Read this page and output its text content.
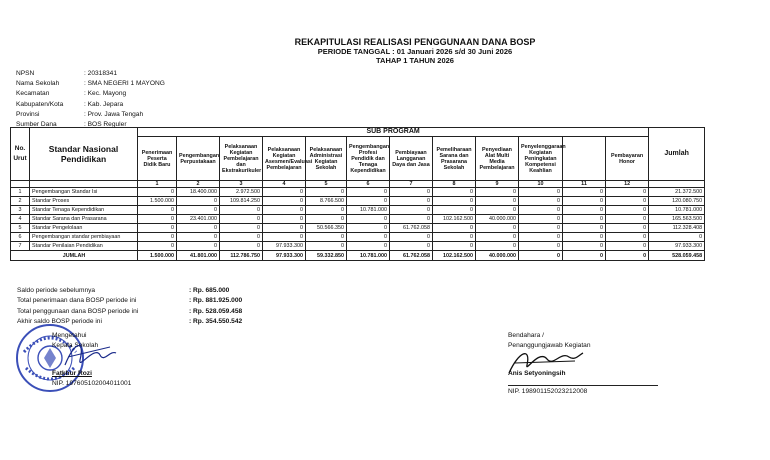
REKAPITULASI REALISASI PENGGUNAAN DANA BOSP
PERIODE TANGGAL : 01 Januari 2026 s/d 30 Juni 2026
TAHAP 1 TAHUN 2026
NPSN	: 20318341
Nama Sekolah	: SMA NEGERI 1 MAYONG
Kecamatan	: Kec. Mayong
Kabupaten/Kota	: Kab. Jepara
Provinsi	: Prov. Jawa Tengah
Sumber Dana	: BOS Reguler
No. Urut	Standar Nasional Pendidikan	SUB PROGRAM												Jumlah
		Penerimaan Peserta Didik Baru	Pengembangan Perpustakaan	Pelaksanaan Kegiatan Pembelajaran dan Ekstrakurikuler	Pelaksanaan Kegiatan Asesmen/Evaluasi Pembelajaran	Pelaksanaan Administrasi Kegiatan Sekolah	Pengembangan Profesi Pendidik dan Tenaga Kependidikan	Pembiayaan Langganan Daya dan Jasa	Pemeliharaan Sarana dan Prasarana Sekolah	Penyediaan Alat Multi Media Pembelajaran	Penyelenggaraan Kegiatan Peningkatan Kompetensi Keahlian		Pembayaran Honor	
		1	2	3	4	5	6	7	8	9	10	11	12	
1	Pengembangan Standar Isi	0	18.400.000	2.972.500	0	0	0	0	0	0	0	0	0	21.372.500
2	Standar Proses	1.500.000	0	109.814.250	0	8.766.500	0	0	0	0	0	0	0	120.080.750
3	Standar Tenaga Kependidikan	0	0	0	0	0	10.781.000	0	0	0	0	0	0	10.781.000
4	Standar Sarana dan Prasarana	0	23.401.000	0	0	0	0	0	102.162.500	40.000.000	0	0	0	165.563.500
5	Standar Pengelolaan	0	0	0	0	50.566.350	0	61.762.058	0	0	0	0	0	112.328.408
6	Pengembangan standar pembiayaan	0	0	0	0	0	0	0	0	0	0	0	0	0
7	Standar Penilaian Pendidikan	0	0	0	97.933.300	0	0	0	0	0	0	0	0	97.933.300
JUMLAH		1.500.000	41.801.000	112.786.750	97.933.300	59.332.850	10.781.000	61.762.058	102.162.500	40.000.000	0	0	0	528.059.458
Saldo periode sebelumnya	: Rp. 685.000
Total penerimaan dana BOSP periode ini	: Rp. 881.925.000
Total penggunaan dana BOSP periode ini	: Rp. 528.059.458
Akhir saldo BOSP periode ini	: Rp. 354.550.542
Mengetahui
Kepala Sekolah
Fatkhur Rozi
NIP. 197605102004011001
Bendahara /
Penanggungjawab Kegiatan
Anis Setyoningsih
NIP. 198901152023212008
